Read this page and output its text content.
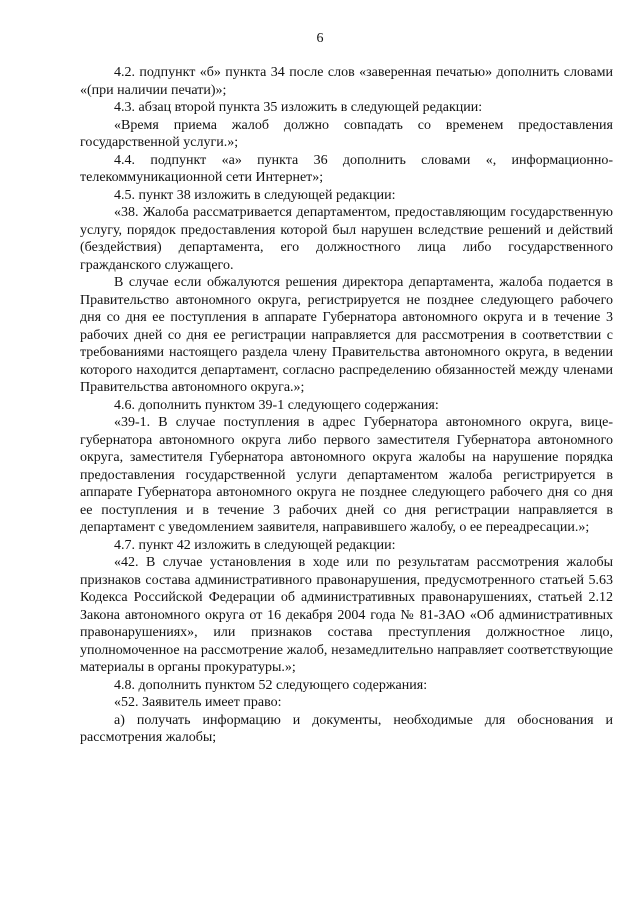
6

4.2. подпункт «б» пункта 34 после слов «заверенная печатью» дополнить словами «(при наличии печати)»;

4.3. абзац второй пункта 35 изложить в следующей редакции:

«Время приема жалоб должно совпадать со временем предоставления государственной услуги.»;

4.4. подпункт «а» пункта 36 дополнить словами «, информационно-телекоммуникационной сети Интернет»;

4.5. пункт 38 изложить в следующей редакции:

«38. Жалоба рассматривается департаментом, предоставляющим государственную услугу, порядок предоставления которой был нарушен вследствие решений и действий (бездействия) департамента, его должностного лица либо государственного гражданского служащего.

В случае если обжалуются решения директора департамента, жалоба подается в Правительство автономного округа, регистрируется не позднее следующего рабочего дня со дня ее поступления в аппарате Губернатора автономного округа и в течение 3 рабочих дней со дня ее регистрации направляется для рассмотрения в соответствии с требованиями настоящего раздела члену Правительства автономного округа, в ведении которого находится департамент, согласно распределению обязанностей между членами Правительства автономного округа.»;

4.6. дополнить пунктом 39-1 следующего содержания:

«39-1. В случае поступления в адрес Губернатора автономного округа, вице-губернатора автономного округа либо первого заместителя Губернатора автономного округа, заместителя Губернатора автономного округа жалобы на нарушение порядка предоставления государственной услуги департаментом жалоба регистрируется в аппарате Губернатора автономного округа не позднее следующего рабочего дня со дня ее поступления и в течение 3 рабочих дней со дня регистрации направляется в департамент с уведомлением заявителя, направившего жалобу, о ее переадресации.»;

4.7. пункт 42 изложить в следующей редакции:

«42. В случае установления в ходе или по результатам рассмотрения жалобы признаков состава административного правонарушения, предусмотренного статьей 5.63 Кодекса Российской Федерации об административных правонарушениях, статьей 2.12 Закона автономного округа от 16 декабря 2004 года № 81-ЗАО «Об административных правонарушениях», или признаков состава преступления должностное лицо, уполномоченное на рассмотрение жалоб, незамедлительно направляет соответствующие материалы в органы прокуратуры.»;

4.8. дополнить пунктом 52 следующего содержания:

«52. Заявитель имеет право:

а) получать информацию и документы, необходимые для обоснования и рассмотрения жалобы;
